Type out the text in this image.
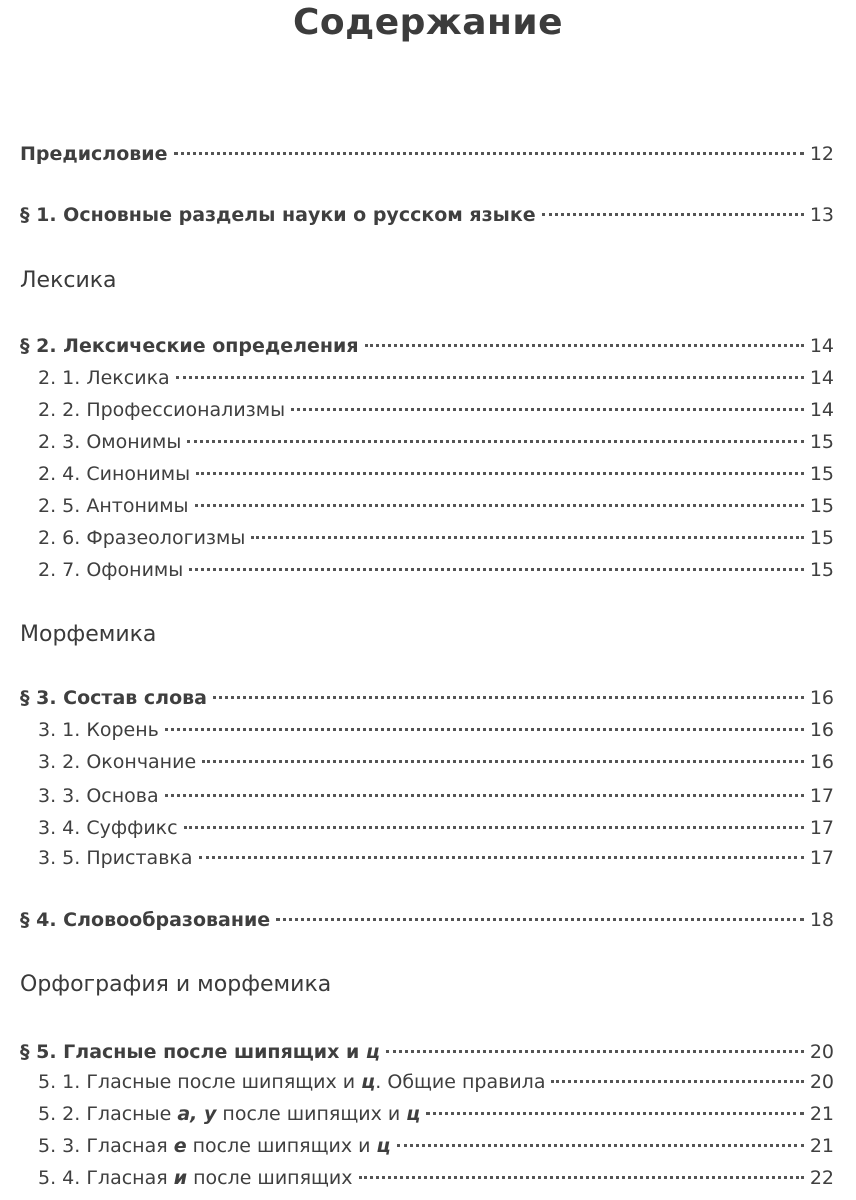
Содержание
Предисловие	12
§ 1. Основные разделы науки о русском языке	13
Лексика
§ 2. Лексические определения	14
2. 1. Лексика	14
2. 2. Профессионализмы	14
2. 3. Омонимы	15
2. 4. Синонимы	15
2. 5. Антонимы	15
2. 6. Фразеологизмы	15
2. 7. Офонимы	15
Морфемика
§ 3. Состав слова	16
3. 1. Корень	16
3. 2. Окончание	16
3. 3. Основа	17
3. 4. Суффикс	17
3. 5. Приставка	17
§ 4. Словообразование	18
Орфография и морфемика
§ 5. Гласные после шипящих и ц	20
5. 1. Гласные после шипящих и ц. Общие правила	20
5. 2. Гласные а, у после шипящих и ц	21
5. 3. Гласная е после шипящих и ц	21
5. 4. Гласная и после шипящих	22
